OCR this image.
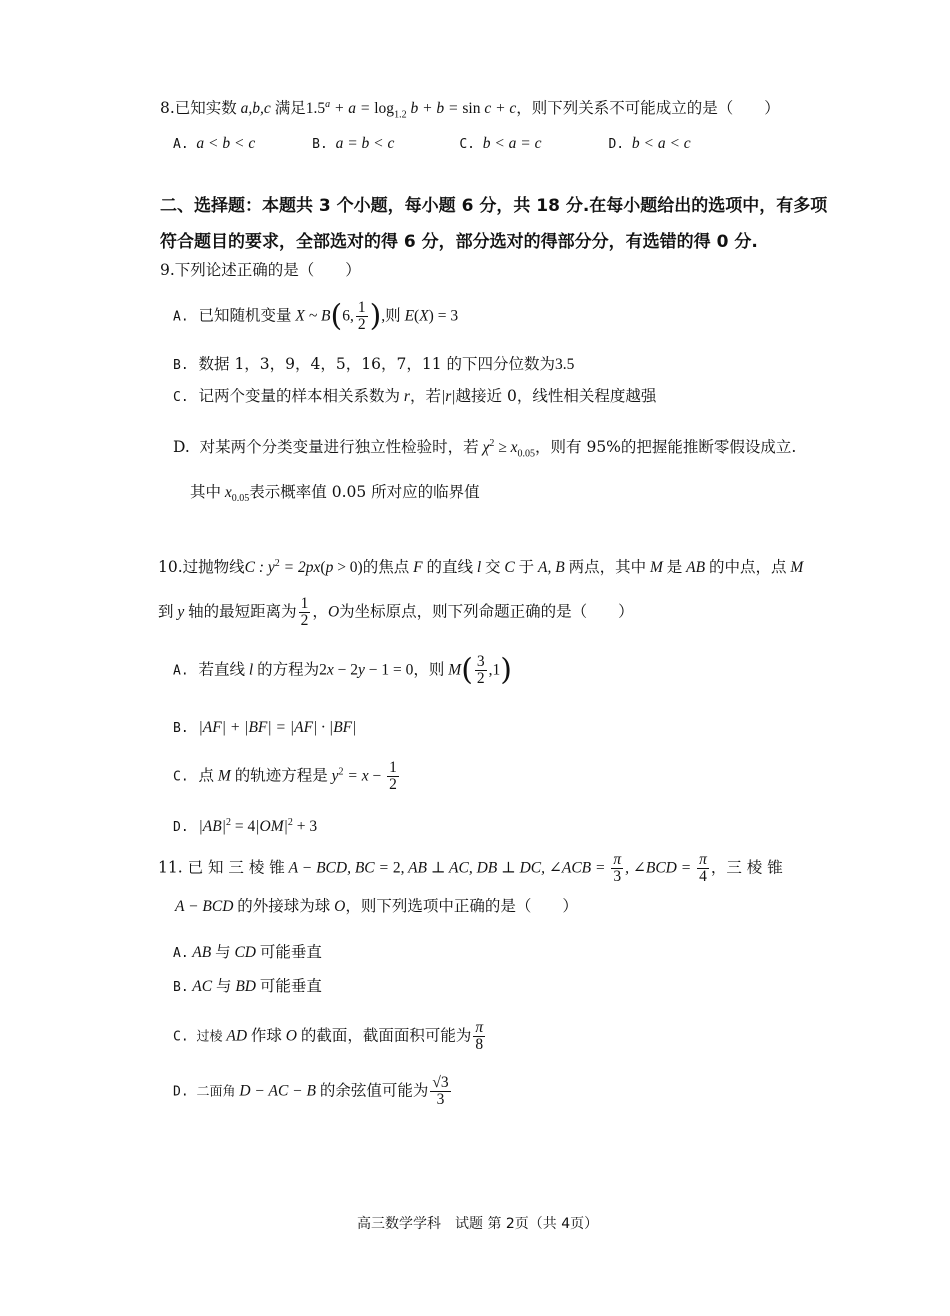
8.已知实数 a,b,c 满足$1.5^a + a = \log_{1.2} b + b = \sin c + c$，则下列关系不可能成立的是（　　）
A.  a < b < c	B.  a = b < c	C.  b < a = c	D.  b < a < c
二、选择题：本题共 3 个小题，每小题 6 分，共 18 分.在每小题给出的选项中，有多项
符合题目的要求，全部选对的得 6 分，部分选对的得部分分，有选错的得 0 分.
9.下列论述正确的是（　　）
A. 已知随机变量 X ~ B(6, $\frac{1}{2}$ ),则 E(X) = 3
B. 数据 1，3，9，4，5，16，7，11 的下四分位数为3.5
C. 记两个变量的样本相关系数为 r，若|r|越接近 0，线性相关程度越强
D. 对某两个分类变量进行独立性检验时，若 $\chi^2 \ge x_{0.05}$，则有 95%的把握能推断零假设成立.
其中 $x_{0.05}$表示概率值 0.05 所对应的临界值
10.过抛物线C : $y^2 = 2px(p > 0)$的焦点 F 的直线 l 交 C 于 A, B 两点，其中 M 是 AB 的中点，点 M
到 y 轴的最短距离为 $\frac{1}{2}$ ，O为坐标原点，则下列命题正确的是（　　）
A. 若直线 l 的方程为2x − 2y − 1 = 0，则 $M( \frac{3}{2} ,1)$
B. |AF| + |BF| = |AF| · |BF|
C. 点 M 的轨迹方程是 $y^2 = x - \frac{1}{2}$
D. $|AB|^2 = 4|OM|^2 + 3$
11. 已 知 三 棱 锥 A − BCD, BC = 2, AB ⊥ AC, DB ⊥ DC, ∠ACB = $\frac{\pi}{3}$ , ∠BCD = $\frac{\pi}{4}$ ，三 棱 锥
A − BCD 的外接球为球 O，则下列选项中正确的是（　　）
A. AB 与 CD 可能垂直
B. AC 与 BD 可能垂直
C. 过棱 AD 作球 O 的截面，截面面积可能为 $\frac{\pi}{8}$
D. 二面角 D − AC − B 的余弦值可能为 $\frac{√3}{3}$
高三数学学科　试题 第 2页（共 4页）
